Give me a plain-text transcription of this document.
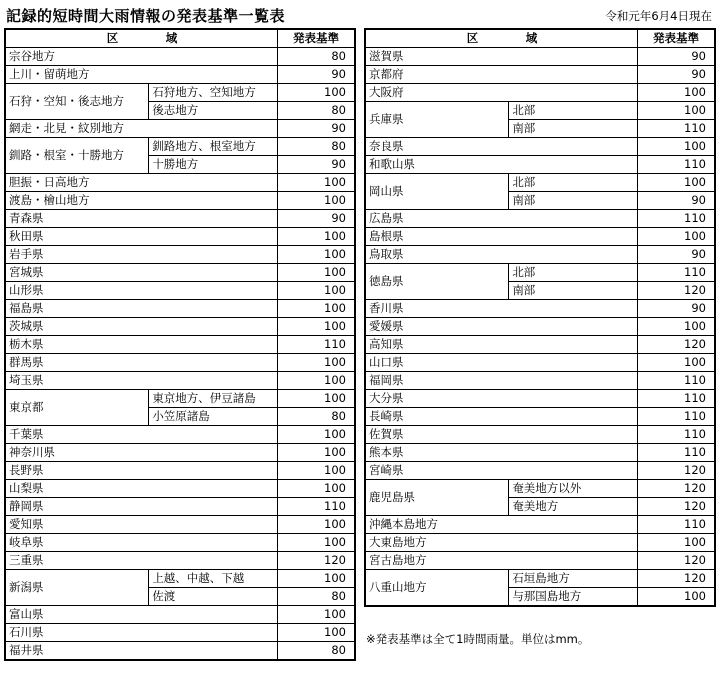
記録的短時間大雨情報の発表基準一覧表	令和元年6月4日現在
区　域		発表基準
宗谷地方		80
上川・留萌地方		90
石狩・空知・後志地方	石狩地方、空知地方	100
	後志地方	80
網走・北見・紋別地方		90
釧路・根室・十勝地方	釧路地方、根室地方	80
	十勝地方	90
胆振・日高地方		100
渡島・檜山地方		100
青森県		90
秋田県		100
岩手県		100
宮城県		100
山形県		100
福島県		100
茨城県		100
栃木県		110
群馬県		100
埼玉県		100
東京都	東京地方、伊豆諸島	100
	小笠原諸島	80
千葉県		100
神奈川県		100
長野県		100
山梨県		100
静岡県		110
愛知県		100
岐阜県		100
三重県		120
新潟県	上越、中越、下越	100
	佐渡	80
富山県		100
石川県		100
福井県		80
区　域		発表基準
滋賀県		90
京都府		90
大阪府		100
兵庫県	北部	100
	南部	110
奈良県		100
和歌山県		110
岡山県	北部	100
	南部	90
広島県		110
島根県		100
鳥取県		90
徳島県	北部	110
	南部	120
香川県		90
愛媛県		100
高知県		120
山口県		100
福岡県		110
大分県		110
長崎県		110
佐賀県		110
熊本県		110
宮崎県		120
鹿児島県	奄美地方以外	120
	奄美地方	120
沖縄本島地方		110
大東島地方		100
宮古島地方		120
八重山地方	石垣島地方	120
	与那国島地方	100
※発表基準は全て1時間雨量。単位はmm。
